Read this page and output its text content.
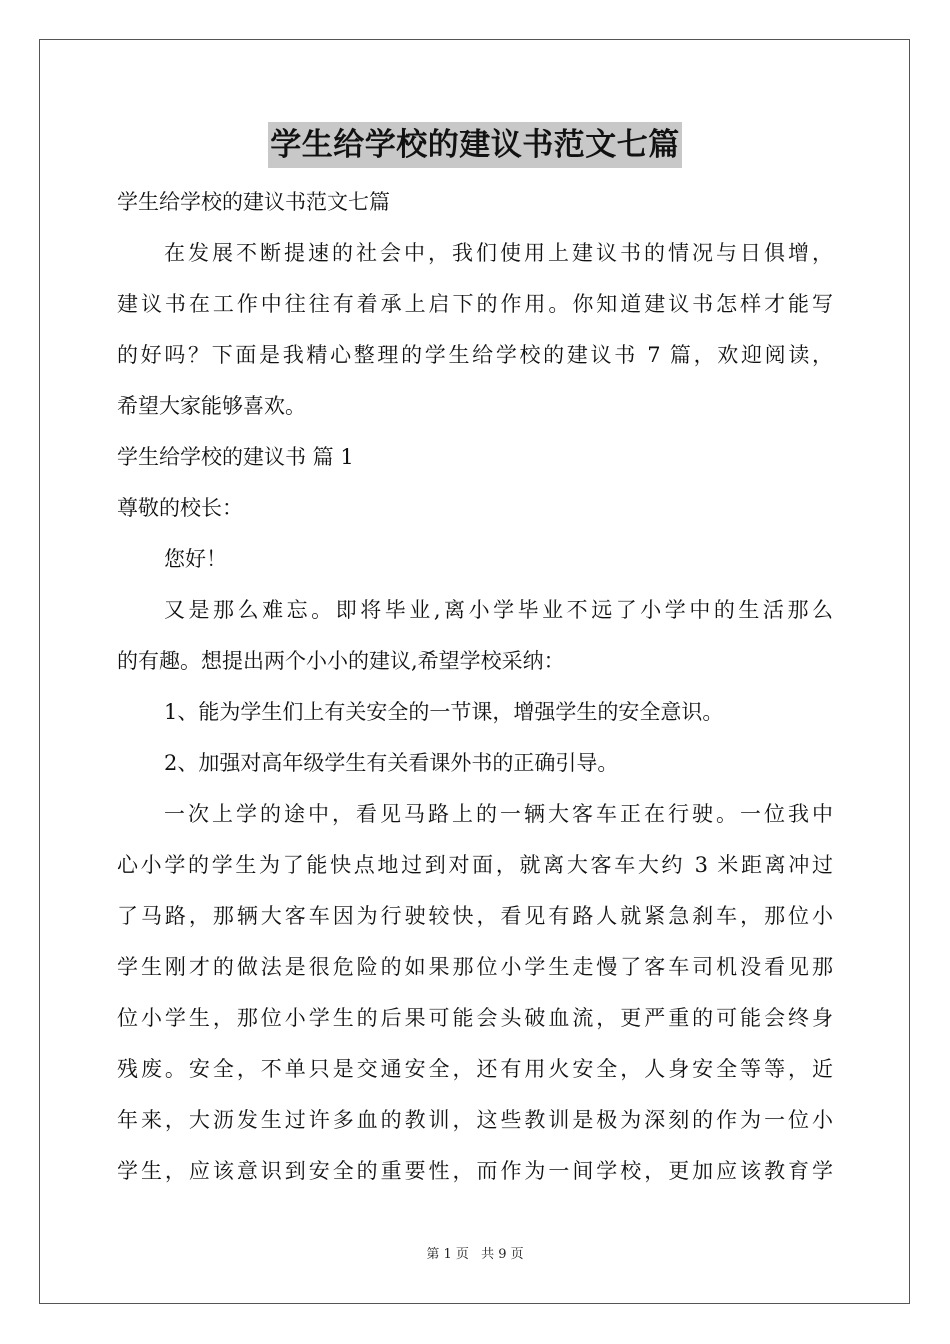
学生给学校的建议书范文七篇
学生给学校的建议书范文七篇
在发展不断提速的社会中，我们使用上建议书的情况与日俱增，
建议书在工作中往往有着承上启下的作用。你知道建议书怎样才能写
的好吗？下面是我精心整理的学生给学校的建议书 7 篇，欢迎阅读，
希望大家能够喜欢。
学生给学校的建议书 篇 1
尊敬的校长：
您好！
又是那么难忘。即将毕业,离小学毕业不远了小学中的生活那么
的有趣。想提出两个小小的建议,希望学校采纳：
1、能为学生们上有关安全的一节课，增强学生的安全意识。
2、加强对高年级学生有关看课外书的正确引导。
一次上学的途中，看见马路上的一辆大客车正在行驶。一位我中
心小学的学生为了能快点地过到对面，就离大客车大约 3 米距离冲过
了马路，那辆大客车因为行驶较快，看见有路人就紧急刹车，那位小
学生刚才的做法是很危险的如果那位小学生走慢了客车司机没看见那
位小学生，那位小学生的后果可能会头破血流，更严重的可能会终身
残废。安全，不单只是交通安全，还有用火安全，人身安全等等，近
年来，大沥发生过许多血的教训，这些教训是极为深刻的作为一位小
学生，应该意识到安全的重要性，而作为一间学校，更加应该教育学
第 1 页 共 9 页
